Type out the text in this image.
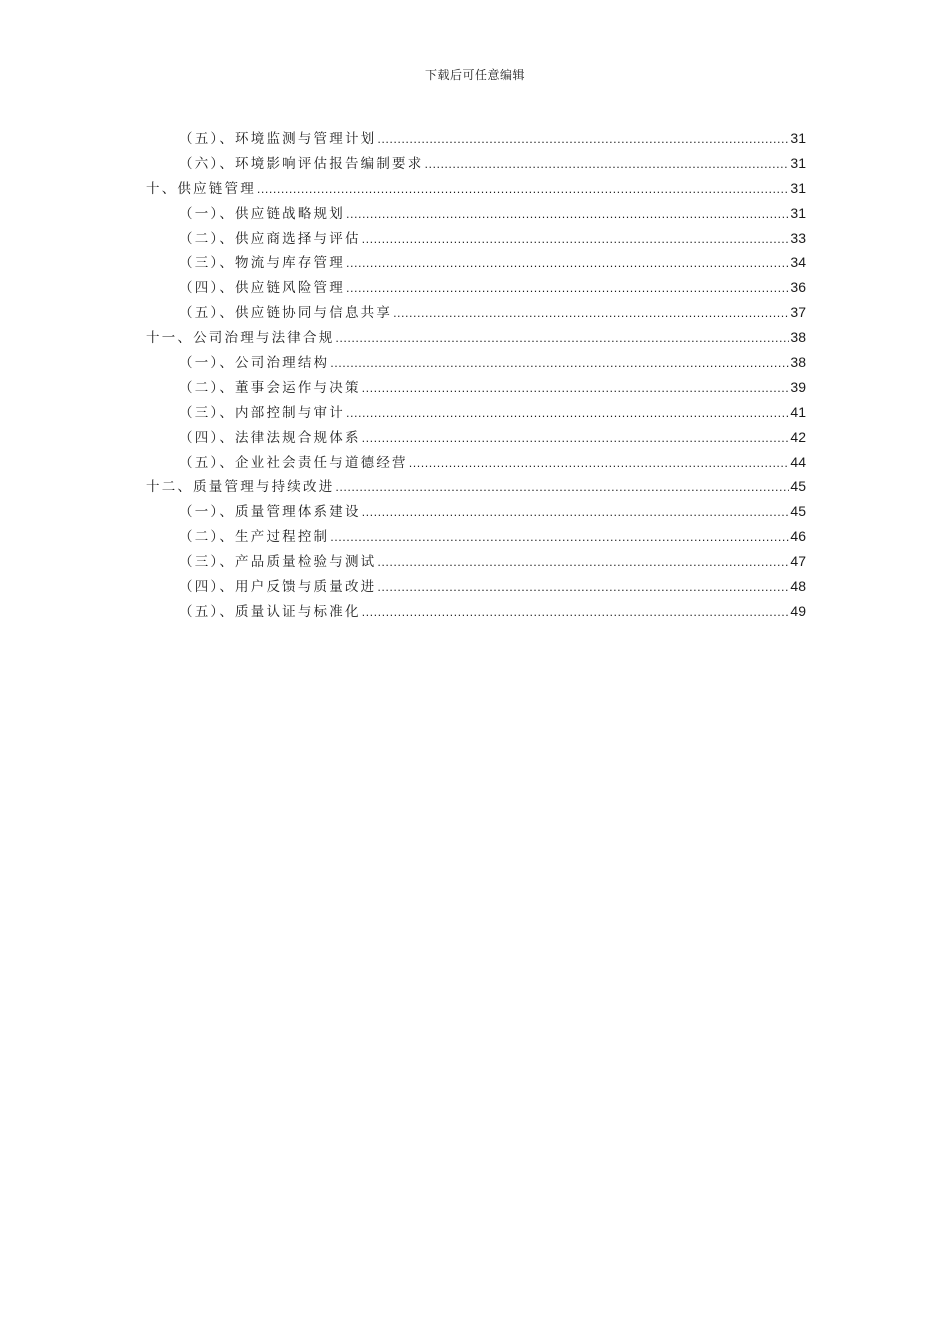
下载后可任意编辑
（五）、环境监测与管理计划 .....	31
（六）、环境影响评估报告编制要求 .....	31
十、供应链管理 .....	31
（一）、供应链战略规划 .....	31
（二）、供应商选择与评估 .....	33
（三）、物流与库存管理 .....	34
（四）、供应链风险管理 .....	36
（五）、供应链协同与信息共享 .....	37
十一、公司治理与法律合规 .....	38
（一）、公司治理结构 .....	38
（二）、董事会运作与决策 .....	39
（三）、内部控制与审计 .....	41
（四）、法律法规合规体系 .....	42
（五）、企业社会责任与道德经营 .....	44
十二、质量管理与持续改进 .....	45
（一）、质量管理体系建设 .....	45
（二）、生产过程控制 .....	46
（三）、产品质量检验与测试 .....	47
（四）、用户反馈与质量改进 .....	48
（五）、质量认证与标准化 .....	49
